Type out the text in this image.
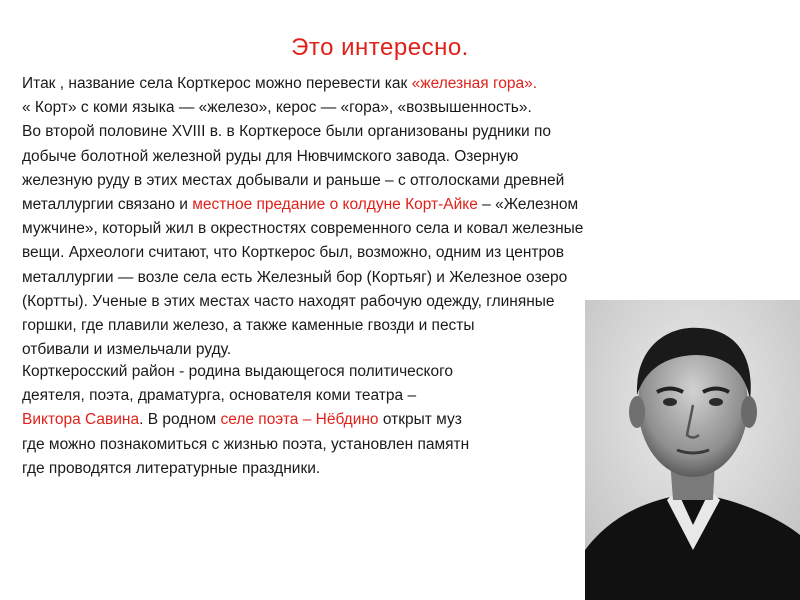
Это интересно.

Итак , название села Корткерос можно перевести как «железная гора».

« Корт» с коми языка — «железо», керос — «гора», «возвышенность».

Во второй половине XVIII в. в Корткеросе были организованы рудники по

добыче болотной железной руды для Нювчимского завода. Озерную

железную руду в этих местах добывали и раньше – с отголосками древней

металлургии связано и местное предание о колдуне Корт-Айке – «Железном

мужчине», который жил в окрестностях современного села и ковал железные

вещи. Археологи считают, что Корткерос был, возможно, одним из центров

металлургии — возле села есть Железный бор (Кортьяг) и Железное озеро

(Кортты). Ученые в этих местах часто находят рабочую одежду, глиняные

горшки, где плавили железо, а также каменные гвозди и песты

отбивали и измельчали руду.

Корткеросский район - родина выдающегося политического

деятеля, поэта, драматурга, основателя коми театра –

Виктора Савина. В родном селе поэта – Нёбдино открыт муз

где можно познакомиться с жизнью поэта, установлен памятн

где проводятся литературные праздники.
